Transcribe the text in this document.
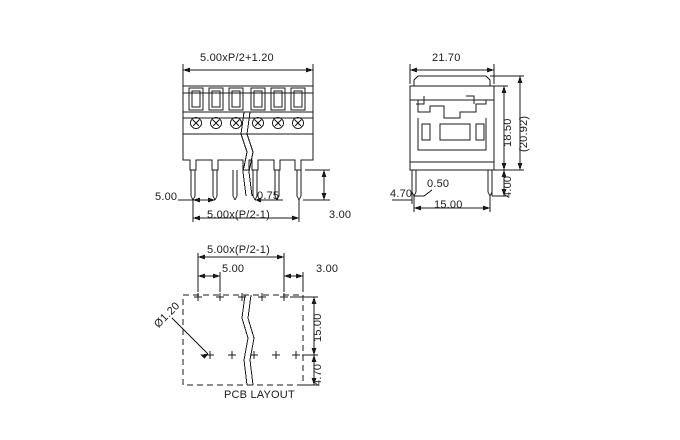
5.00xP/2+1.20
5.00	0.75
5.00x(P/2-1)	3.00
21.70
18.50 (20.92)
4.70
0.50
15.00
4.00
5.00x(P/2-1)
5.00	3.00
Ø1.20	15.00
4.70
PCB LAYOUT
